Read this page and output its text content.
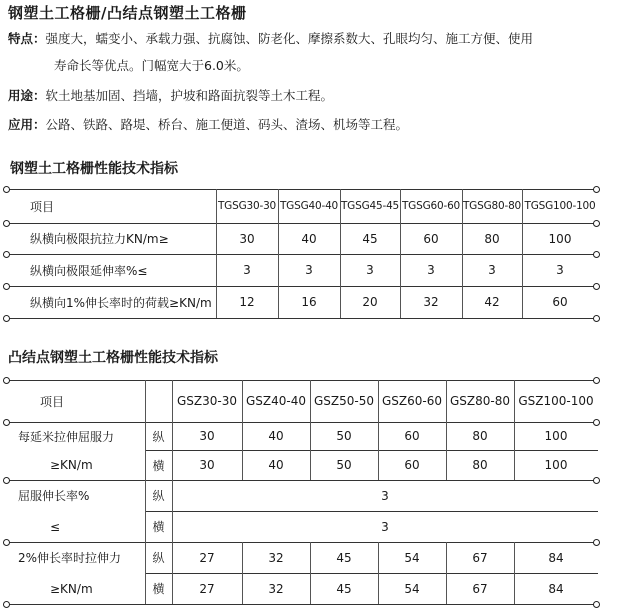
钢塑土工格栅/凸结点钢塑土工格栅
特点：强度大，蠕变小、承载力强、抗腐蚀、防老化、摩擦系数大、孔眼均匀、施工方便、使用
寿命长等优点。门幅宽大于6.0米。
用途：软土地基加固、挡墙，护坡和路面抗裂等土木工程。
应用：公路、铁路、路堤、桥台、施工便道、码头、渣场、机场等工程。
钢塑土工格栅性能技术指标
项目	TGSG30-30 TGSG40-40 TGSG45-45 TGSG60-60 TGSG80-80 TGSG100-100
纵横向极限抗拉力KN/m≥	30	40	45	60	80	100
纵横向极限延伸率%≤	3	3	3	3	3	3
纵横向1%伸长率时的荷载≥KN/m	12	16	20	32	42	60
凸结点钢塑土工格栅性能技术指标
项目	GSZ30-30 GSZ40-40 GSZ50-50 GSZ60-60 GSZ80-80 GSZ100-100
每延米拉伸屈服力
≥KN/m
纵	30	40	50	60	80	100
横	30	40	50	60	80	100
屈服伸长率%
≤
纵	3
横	3
2%伸长率时拉伸力
≥KN/m
纵	27	32	45	54	67	84
横	27	32	45	54	67	84
